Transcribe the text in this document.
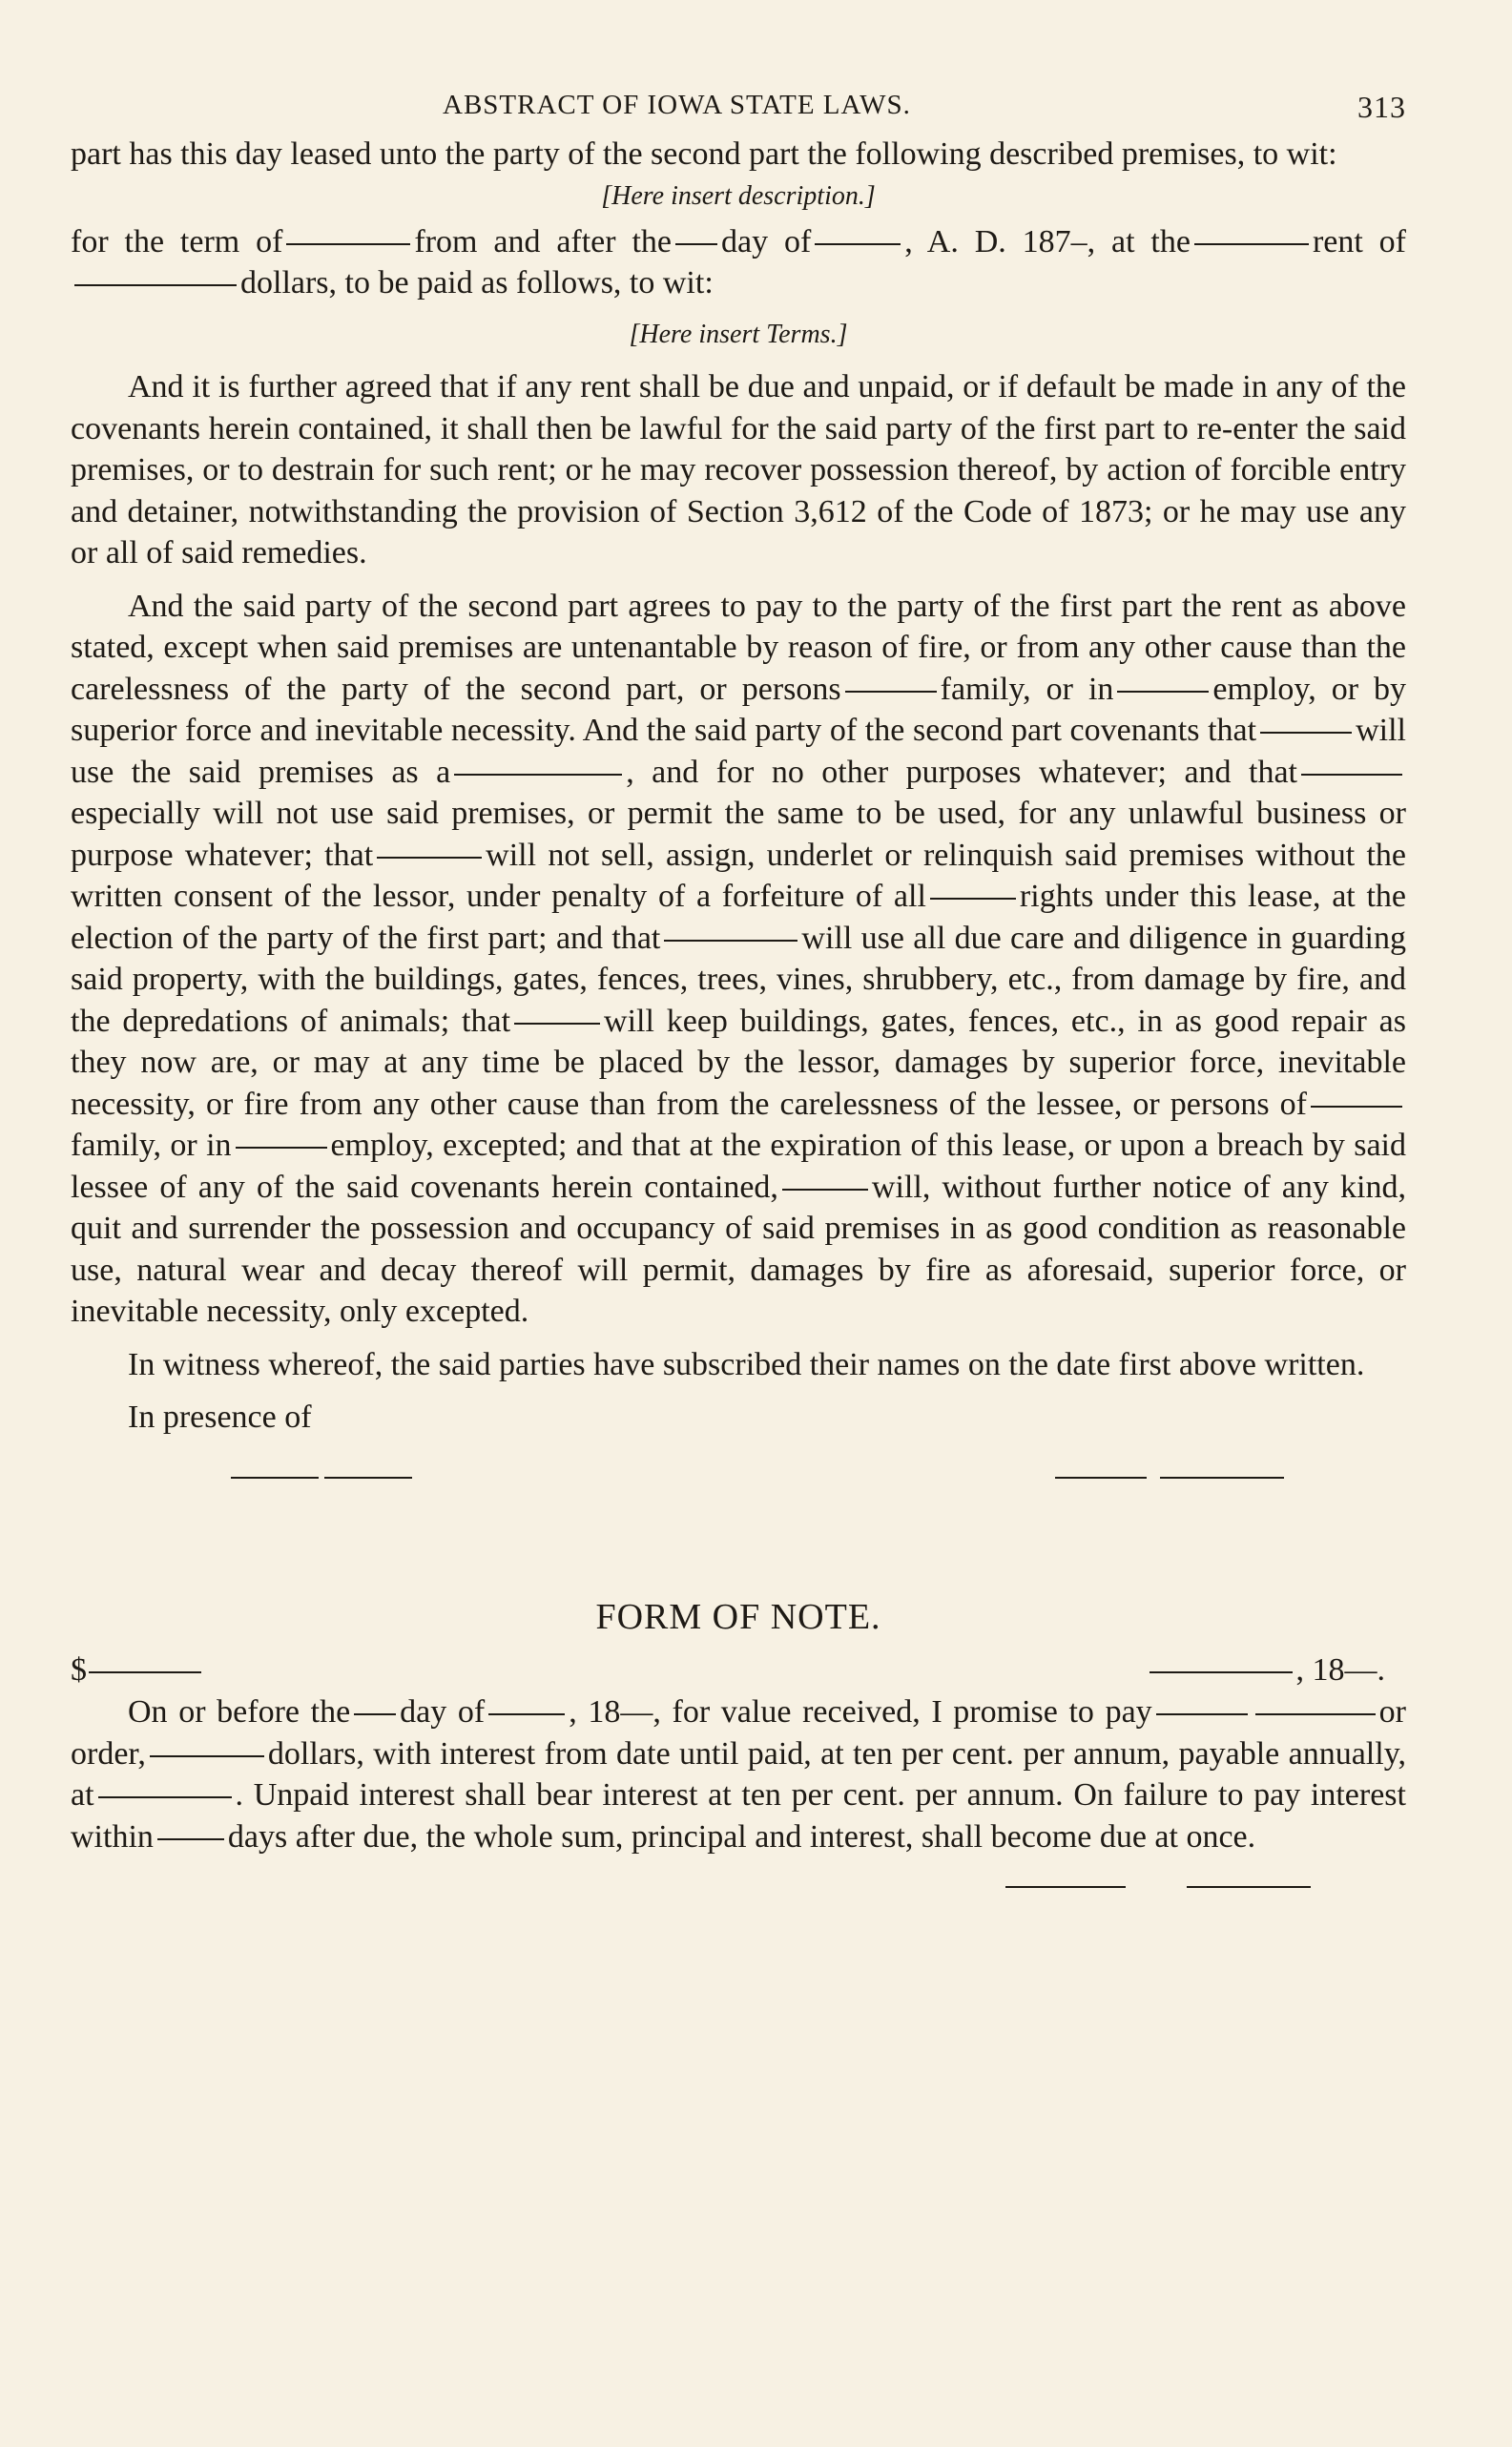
ABSTRACT OF IOWA STATE LAWS.	313

part has this day leased unto the party of the second part the following described premises, to wit:

[Here insert description.]

for the term of	from and after the day of	, A. D. 187–, at the	rent ofdollars, to be paid as follows, to wit:

[Here insert Terms.]

And it is further agreed that if any rent shall be due and unpaid, or if default be made in any of the covenants herein contained, it shall then be lawful for the said party of the first part to re-enter the said premises, or to destrain for such rent; or he may recover possession thereof, by action of forcible entry and detainer, notwithstanding the provision of Section 3,612 of the Code of 1873; or he may use any or all of said remedies.

And the said party of the second part agrees to pay to the party of the first part the rent as above stated, except when said premises are untenantable by reason of fire, or from any other cause than the carelessness of the party of the second part, or persons	family, or in	employ, or by superior force and inevitable necessity. And the said party of the second part covenants that	will use the said premises as a	, and for no other purposes whatever; and thatespecially will not use said premises, or permit the same to be used, for any unlawful business or purpose whatever; that	will not sell, assign, underlet or relinquish said premises without the written consent of the lessor, under penalty of a forfeiture of all	rights under this lease, at the election of the party of the first part; and that	will use all due care and diligence in guarding said property, with the buildings, gates, fences, trees, vines, shrubbery, etc., from damage by fire, and the depredations of animals; that	will keep buildings, gates, fences, etc., in as good repair as they now are, or may at any time be placed by the lessor, damages by superior force, inevitable necessity, or fire from any other cause than from the carelessness of the lessee, or persons offamily, or in	employ, excepted; and that at the expiration of this lease, or upon a breach by said lessee of any of the said covenants herein contained,	will, without further notice of any kind, quit and surrender the possession and occupancy of said premises in as good condition as reasonable use, natural wear and decay thereof will permit, damages by fire as aforesaid, superior force, or inevitable necessity, only excepted.

In witness whereof, the said parties have subscribed their names on the date first above written.

In presence of

FORM OF NOTE.
$	, 18—.

On or before the day of	, 18—, for value received, I promise to pay	or order,	dollars, with interest from date until paid, at ten per cent. per annum, payable annually, at	. Unpaid interest shall bear interest at ten per cent. per annum. On failure to pay interest within days after due, the whole sum, principal and interest, shall become due at once.
